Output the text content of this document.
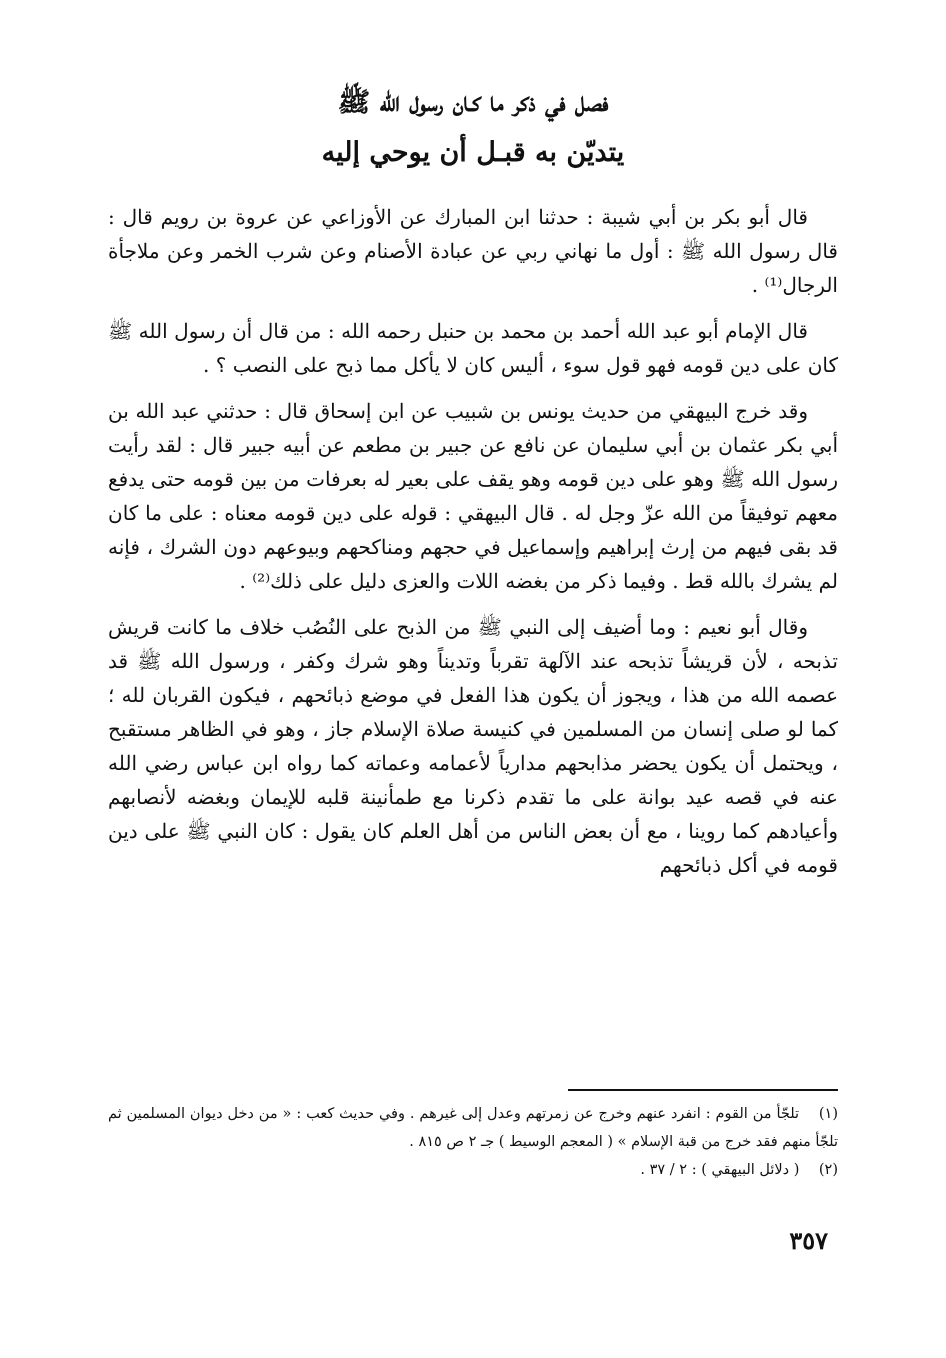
فصل في ذكر ما كـان رسول الله ﷺ
يتديّن به قبـل أن يوحي إليه

قال أبو بكر بن أبي شيبة : حدثنا ابن المبارك عن الأوزاعي عن عروة بن رويم قال : قال رسول الله ﷺ : أول ما نهاني ربي عن عبادة الأصنام وعن شرب الخمر وعن ملاجأة الرجال⁽¹⁾ .

قال الإمام أبو عبد الله أحمد بن محمد بن حنبل رحمه الله : من قال أن رسول الله ﷺ كان على دين قومه فهو قول سوء ، أليس كان لا يأكل مما ذبح على النصب ؟ .

وقد خرج البيهقي من حديث يونس بن شبيب عن ابن إسحاق قال : حدثني عبد الله بن أبي بكر عثمان بن أبي سليمان عن نافع عن جبير بن مطعم عن أبيه جبير قال : لقد رأيت رسول الله ﷺ وهو على دين قومه وهو يقف على بعير له بعرفات من بين قومه حتى يدفع معهم توفيقاً من الله عزّ وجل له . قال البيهقي : قوله على دين قومه معناه : على ما كان قد بقى فيهم من إرث إبراهيم وإسماعيل في حجهم ومناكحهم وبيوعهم دون الشرك ، فإنه لم يشرك بالله قط . وفيما ذكر من بغضه اللات والعزى دليل على ذلك⁽²⁾ .

وقال أبو نعيم : وما أضيف إلى النبي ﷺ من الذبح على النُصُب خلاف ما كانت قريش تذبحه ، لأن قريشاً تذبحه عند الآلهة تقرباً وتديناً وهو شرك وكفر ، ورسول الله ﷺ قد عصمه الله من هذا ، ويجوز أن يكون هذا الفعل في موضع ذبائحهم ، فيكون القربان لله ؛ كما لو صلى إنسان من المسلمين في كنيسة صلاة الإسلام جاز ، وهو في الظاهر مستقبح ، ويحتمل أن يكون يحضر مذابحهم مدارياً لأعمامه وعماته كما رواه ابن عباس رضي الله عنه في قصه عيد بوانة على ما تقدم ذكرنا مع طمأنينة قلبه للإيمان وبغضه لأنصابهم وأعيادهم كما روينا ، مع أن بعض الناس من أهل العلم كان يقول : كان النبي ﷺ على دين قومه في أكل ذبائحهم

(١) تلجّأ من القوم : انفرد عنهم وخرج عن زمرتهم وعدل إلى غيرهم . وفي حديث كعب : « من دخل ديوان المسلمين ثم تلجّأ منهم فقد خرج من قبة الإسلام » ( المعجم الوسيط ) جـ ٢ ص ٨١٥ .

(٢) ( دلائل البيهقي ) : ٢ / ٣٧ .

٣٥٧
